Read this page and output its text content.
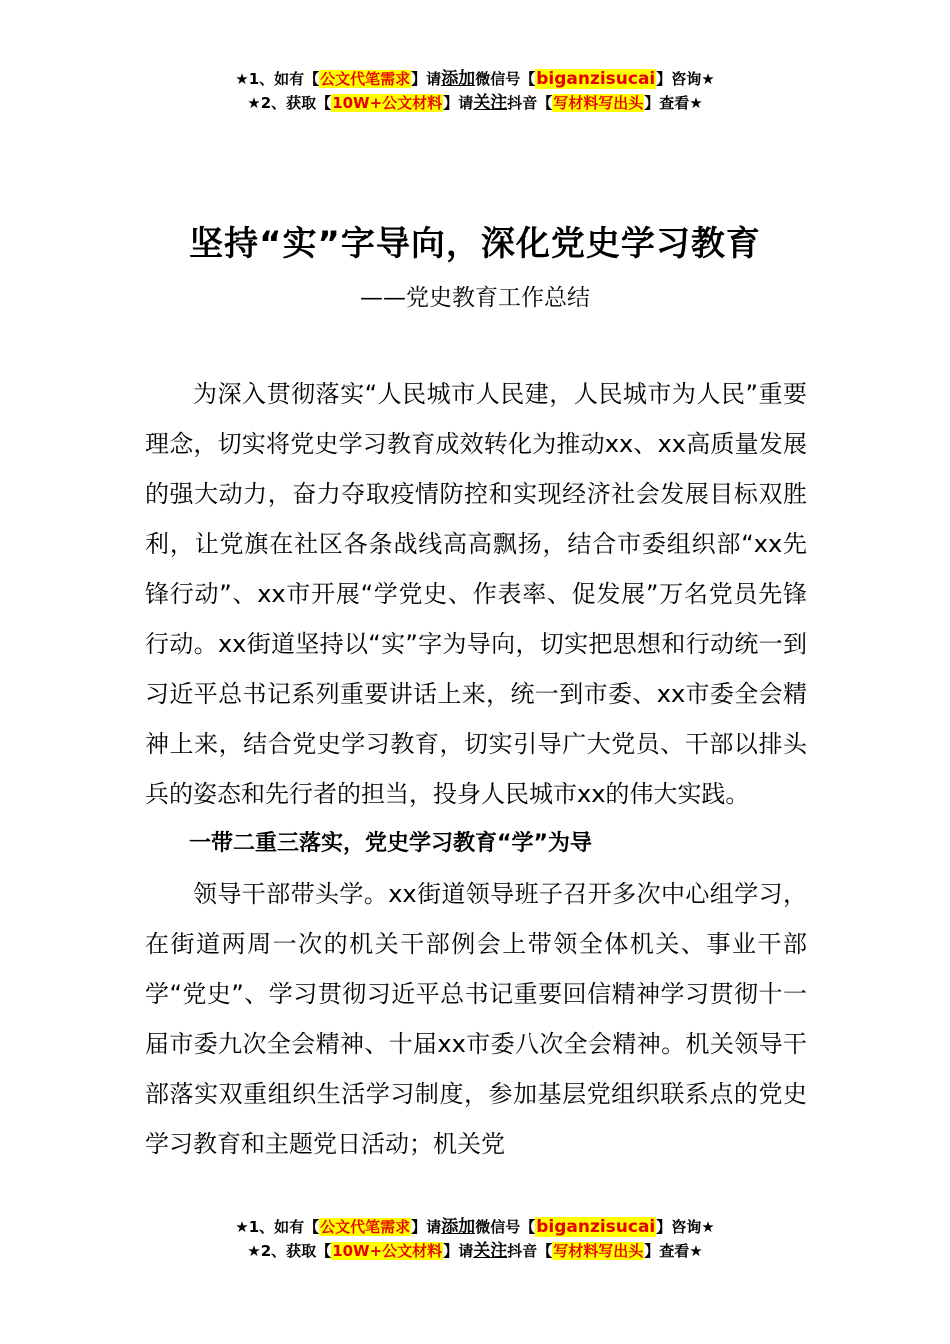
★1、如有【公文代笔需求】请添加微信号【biganzisucai】咨询★
★2、获取【10W+公文材料】请关注抖音【写材料写出头】查看★
坚持“实”字导向，深化党史学习教育
——党史教育工作总结

为深入贯彻落实“人民城市人民建，人民城市为人民”重要理念，切实将党史学习教育成效转化为推动xx、xx高质量发展的强大动力，奋力夺取疫情防控和实现经济社会发展目标双胜利，让党旗在社区各条战线高高飘扬，结合市委组织部“xx先锋行动”、xx市开展“学党史、作表率、促发展”万名党员先锋行动。xx街道坚持以“实”字为导向，切实把思想和行动统一到习近平总书记系列重要讲话上来，统一到市委、xx市委全会精神上来，结合党史学习教育，切实引导广大党员、干部以排头兵的姿态和先行者的担当，投身人民城市xx的伟大实践。

一带二重三落实，党史学习教育“学”为导

领导干部带头学。xx街道领导班子召开多次中心组学习，在街道两周一次的机关干部例会上带领全体机关、事业干部学“党史”、学习贯彻习近平总书记重要回信精神学习贯彻十一届市委九次全会精神、十届xx市委八次全会精神。机关领导干部落实双重组织生活学习制度，参加基层党组织联系点的党史学习教育和主题党日活动；机关党

★1、如有【公文代笔需求】请添加微信号【biganzisucai】咨询★
★2、获取【10W+公文材料】请关注抖音【写材料写出头】查看★
